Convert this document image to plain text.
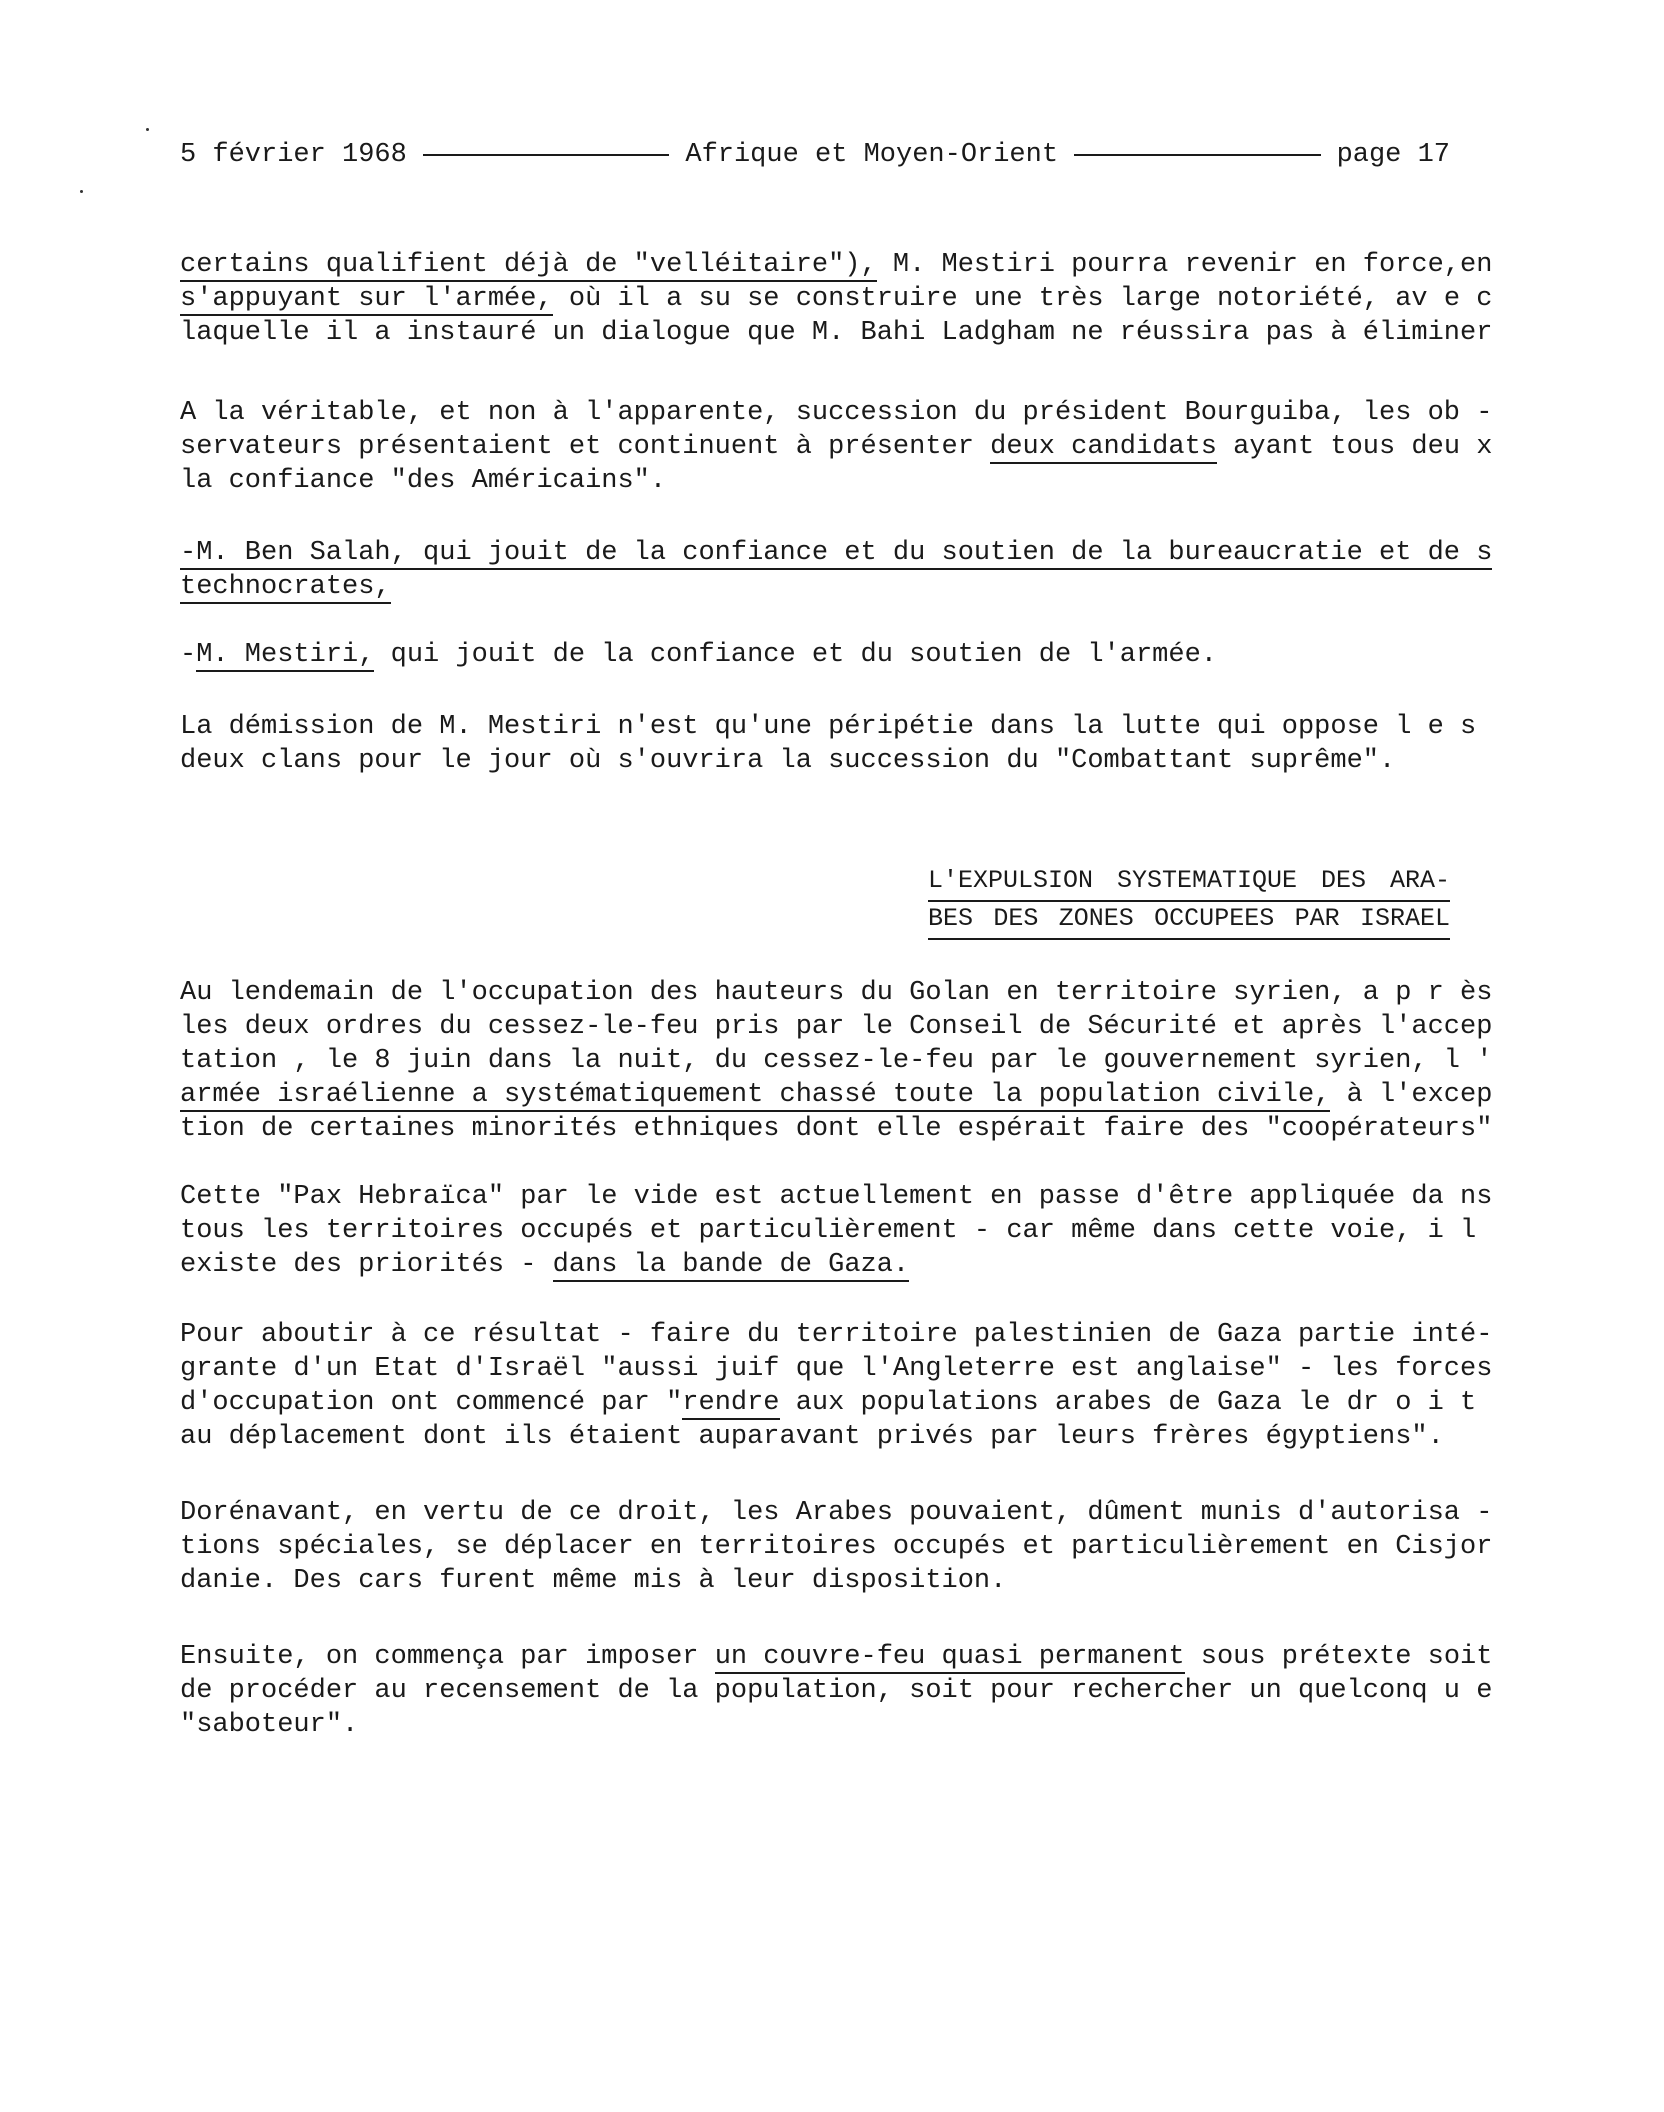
5 février 1968	Afrique et Moyen-Orient	page 17
certains qualifient déjà de "velléitaire"), M. Mestiri pourra revenir en force,en
s'appuyant sur l'armée, où il a su se construire une très large notoriété, av e c
laquelle il a instauré un dialogue que M. Bahi Ladgham ne réussira pas à éliminer
A la véritable, et non à l'apparente, succession du président Bourguiba, les ob -
servateurs présentaient et continuent à présenter deux candidats ayant tous deu x
la confiance "des Américains".
-M. Ben Salah, qui jouit de la confiance et du soutien de la bureaucratie et de s
technocrates,
-M. Mestiri, qui jouit de la confiance et du soutien de l'armée.
La démission de M. Mestiri n'est qu'une péripétie dans la lutte qui oppose l e s
deux clans pour le jour où s'ouvrira la succession du "Combattant suprême".
L'EXPULSION SYSTEMATIQUE DES ARA-
BES DES ZONES OCCUPEES PAR ISRAEL
Au lendemain de l'occupation des hauteurs du Golan en territoire syrien, a p r ès
les deux ordres du cessez-le-feu pris par le Conseil de Sécurité et après l'accep
tation , le 8 juin dans la nuit, du cessez-le-feu par le gouvernement syrien, l '
armée israélienne a systématiquement chassé toute la population civile, à l'excep
tion de certaines minorités ethniques dont elle espérait faire des "coopérateurs"
Cette "Pax Hebraïca" par le vide est actuellement en passe d'être appliquée da ns
tous les territoires occupés et particulièrement - car même dans cette voie, i l
existe des priorités - dans la bande de Gaza.
Pour aboutir à ce résultat - faire du territoire palestinien de Gaza partie inté-
grante d'un Etat d'Israël "aussi juif que l'Angleterre est anglaise" - les forces
d'occupation ont commencé par "rendre aux populations arabes de Gaza le dr o i t
au déplacement dont ils étaient auparavant privés par leurs frères égyptiens".
Dorénavant, en vertu de ce droit, les Arabes pouvaient, dûment munis d'autorisa -
tions spéciales, se déplacer en territoires occupés et particulièrement en Cisjor
danie. Des cars furent même mis à leur disposition.
Ensuite, on commença par imposer un couvre-feu quasi permanent sous prétexte soit
de procéder au recensement de la population, soit pour rechercher un quelconq u e
"saboteur".
